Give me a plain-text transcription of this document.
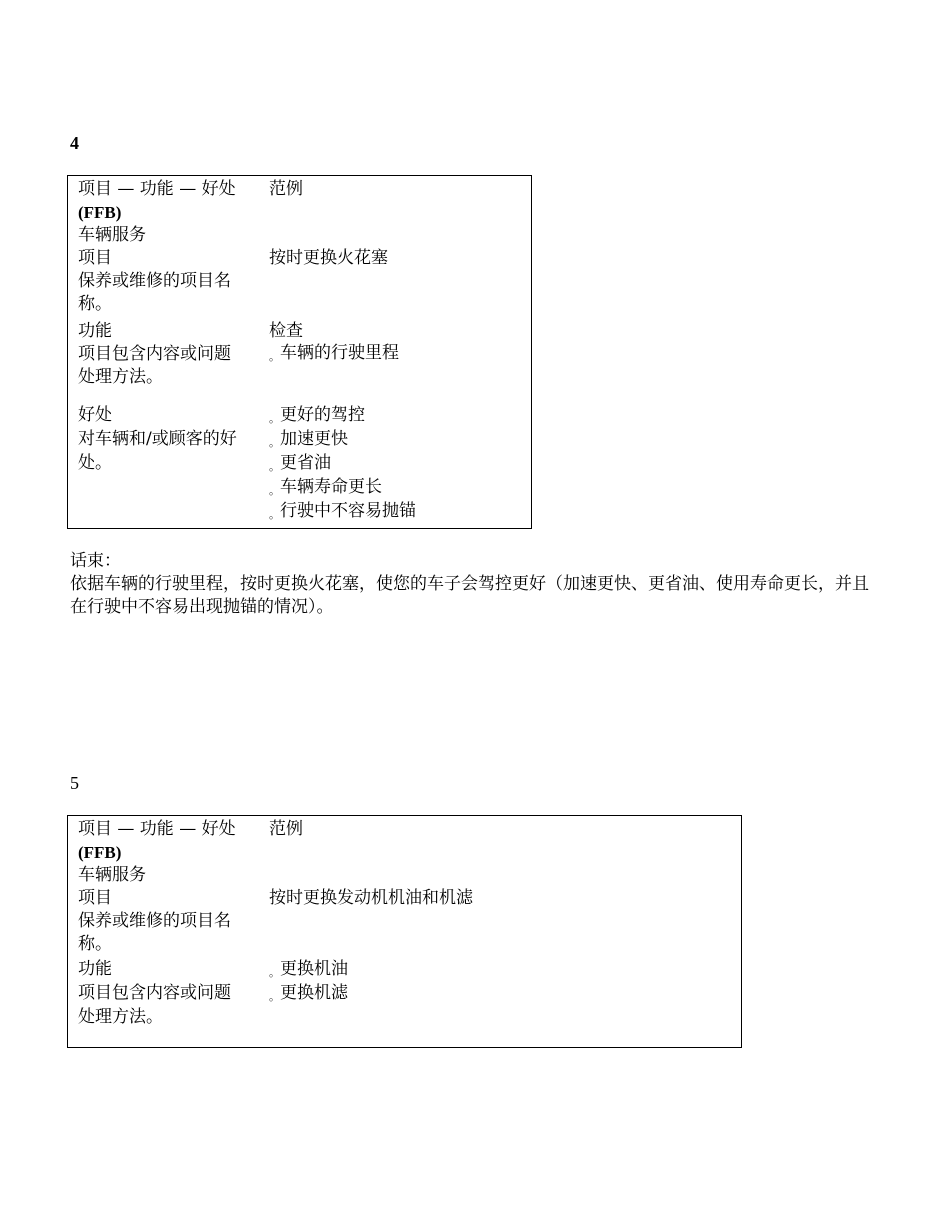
4
项目 — 功能 — 好处
(FFB)
车辆服务
项目
保养或维修的项目名
称。
功能
项目包含内容或问题
处理方法。
好处
对车辆和/或顾客的好
处。
范例
按时更换火花塞
检查
。车辆的行驶里程
。更好的驾控
。加速更快
。更省油
。车辆寿命更长
。行驶中不容易抛锚
话束：
依据车辆的行驶里程，按时更换火花塞，使您的车子会驾控更好（加速更快、更省油、使用寿命更长，并且在行驶中不容易出现抛锚的情况）。
5
项目 — 功能 — 好处
(FFB)
车辆服务
项目
保养或维修的项目名
称。
功能
项目包含内容或问题
处理方法。
范例
按时更换发动机机油和机滤
。更换机油
。更换机滤
